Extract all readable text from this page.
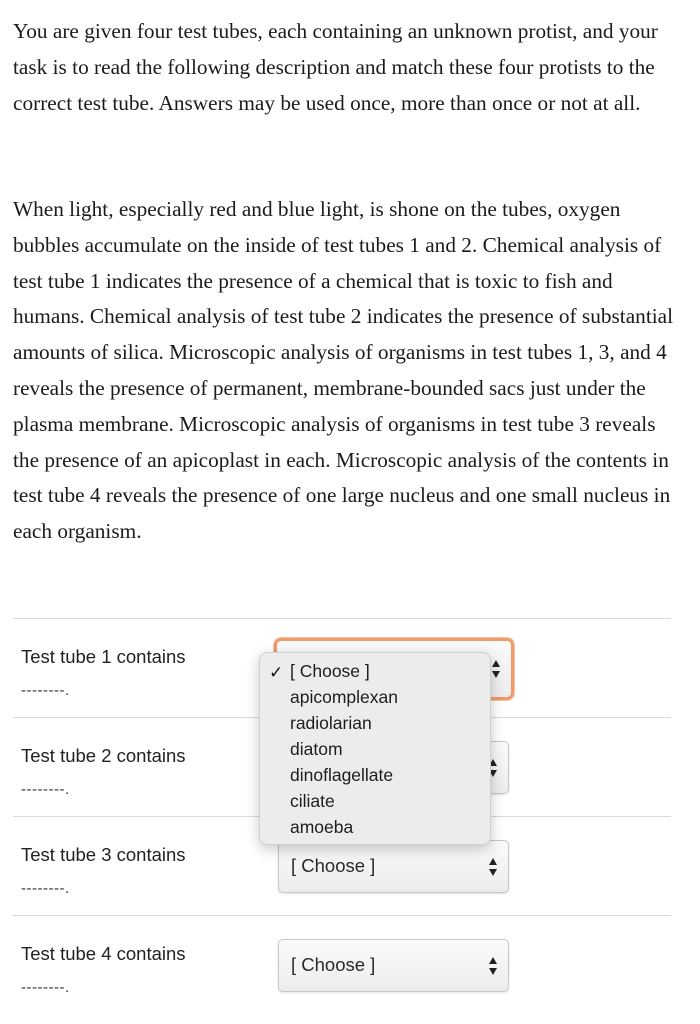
You are given four test tubes, each containing an unknown protist, and your task is to read the following description and match these four protists to the correct test tube. Answers may be used once, more than once or not at all.

When light, especially red and blue light, is shone on the tubes, oxygen bubbles accumulate on the inside of test tubes 1 and 2. Chemical analysis of test tube 1 indicates the presence of a chemical that is toxic to fish and humans. Chemical analysis of test tube 2 indicates the presence of substantial amounts of silica. Microscopic analysis of organisms in test tubes 1, 3, and 4 reveals the presence of permanent, membrane-bounded sacs just under the plasma membrane. Microscopic analysis of organisms in test tube 3 reveals the presence of an apicoplast in each. Microscopic analysis of the contents in test tube 4 reveals the presence of one large nucleus and one small nucleus in each organism.

Test tube 1 contains
--------.
Test tube 2 contains
--------.
Test tube 3 contains
--------.
[ Choose ]
Test tube 4 contains
--------.
[ Choose ]
✓ [ Choose ]
apicomplexan
radiolarian
diatom
dinoflagellate
ciliate
amoeba
